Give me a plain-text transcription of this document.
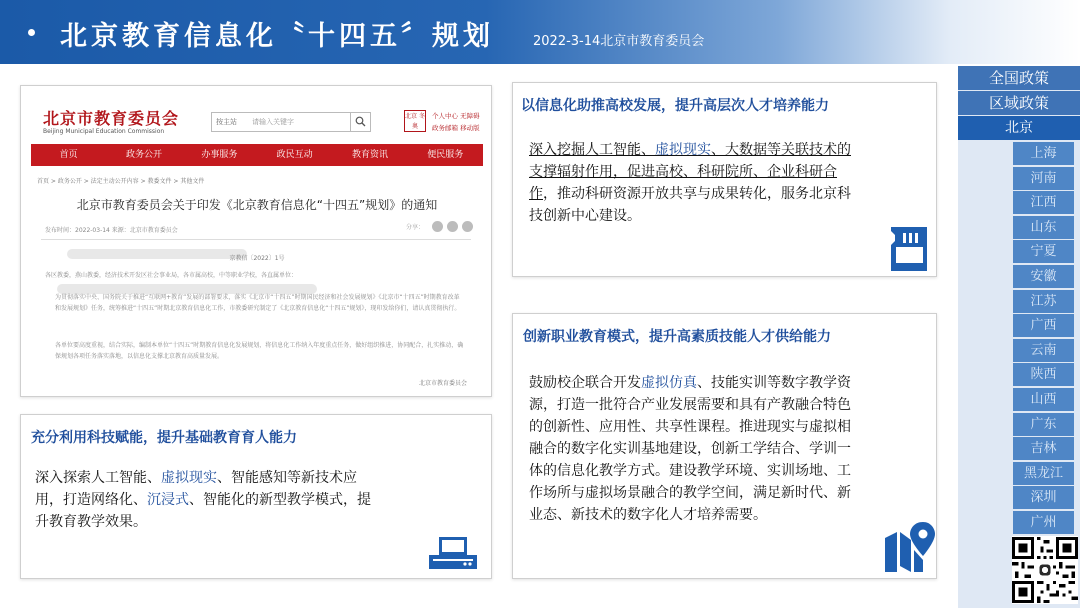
北京教育信息化〝十四五〞规划	2022-3-14北京市教育委员会
北京市教育委员会
Beijing Municipal Education Commission
按主站 请输入关键字
北京 冬奥
个人中心 无障碍
政务邮箱 移动版
首页	政务公开	办事服务	政民互动	教育资讯	便民服务
首页 > 政务公开 > 法定主动公开内容 > 教委文件 > 其他文件
北京市教育委员会关于印发《北京教育信息化“十四五”规划》的通知
发布时间：2022-03-14 来源：北京市教育委员会	分享：
京教信〔2022〕1号
各区教委，燕山教委，经济技术开发区社会事业局，各市属高校，中等职业学校，各直属单位：
为贯彻落实中央、国务院关于推进“互联网+教育”发展的部署要求，落实《北京市“十四五”时期国民经济和社会发展规划》《北京市“十四五”时期教育改革和发展规划》任务，统筹推进“十四五”时期北京教育信息化工作，市教委研究制定了《北京教育信息化“十四五”规划》，现印发给你们，请认真贯彻执行。
各单位要高度重视，结合实际，编制本单位“十四五”时期教育信息化发展规划，将信息化工作纳入年度重点任务，做好组织推进，协同配合，扎实推动，确保规划各项任务落实落地，以信息化支撑北京教育高质量发展。
北京市教育委员会
充分利用科技赋能，提升基础教育育人能力
深入探索人工智能、虚拟现实、智能感知等新技术应用，打造网络化、沉浸式、智能化的新型教学模式，提升教育教学效果。
以信息化助推高校发展，提升高层次人才培养能力
深入挖掘人工智能、虚拟现实、大数据等关联技术的支撑辐射作用，促进高校、科研院所、企业科研合作，推动科研资源开放共享与成果转化，服务北京科技创新中心建设。
创新职业教育模式，提升高素质技能人才供给能力
鼓励校企联合开发虚拟仿真、技能实训等数字教学资源，打造一批符合产业发展需要和具有产教融合特色的创新性、应用性、共享性课程。推进现实与虚拟相融合的数字化实训基地建设，创新工学结合、学训一体的信息化教学方式。建设教学环境、实训场地、工作场所与虚拟场景融合的教学空间，满足新时代、新业态、新技术的数字化人才培养需要。
全国政策
区域政策
北京
上海
河南
江西
山东
宁夏
安徽
江苏
广西
云南
陕西
山西
广东
吉林
黑龙江
深圳
广州
